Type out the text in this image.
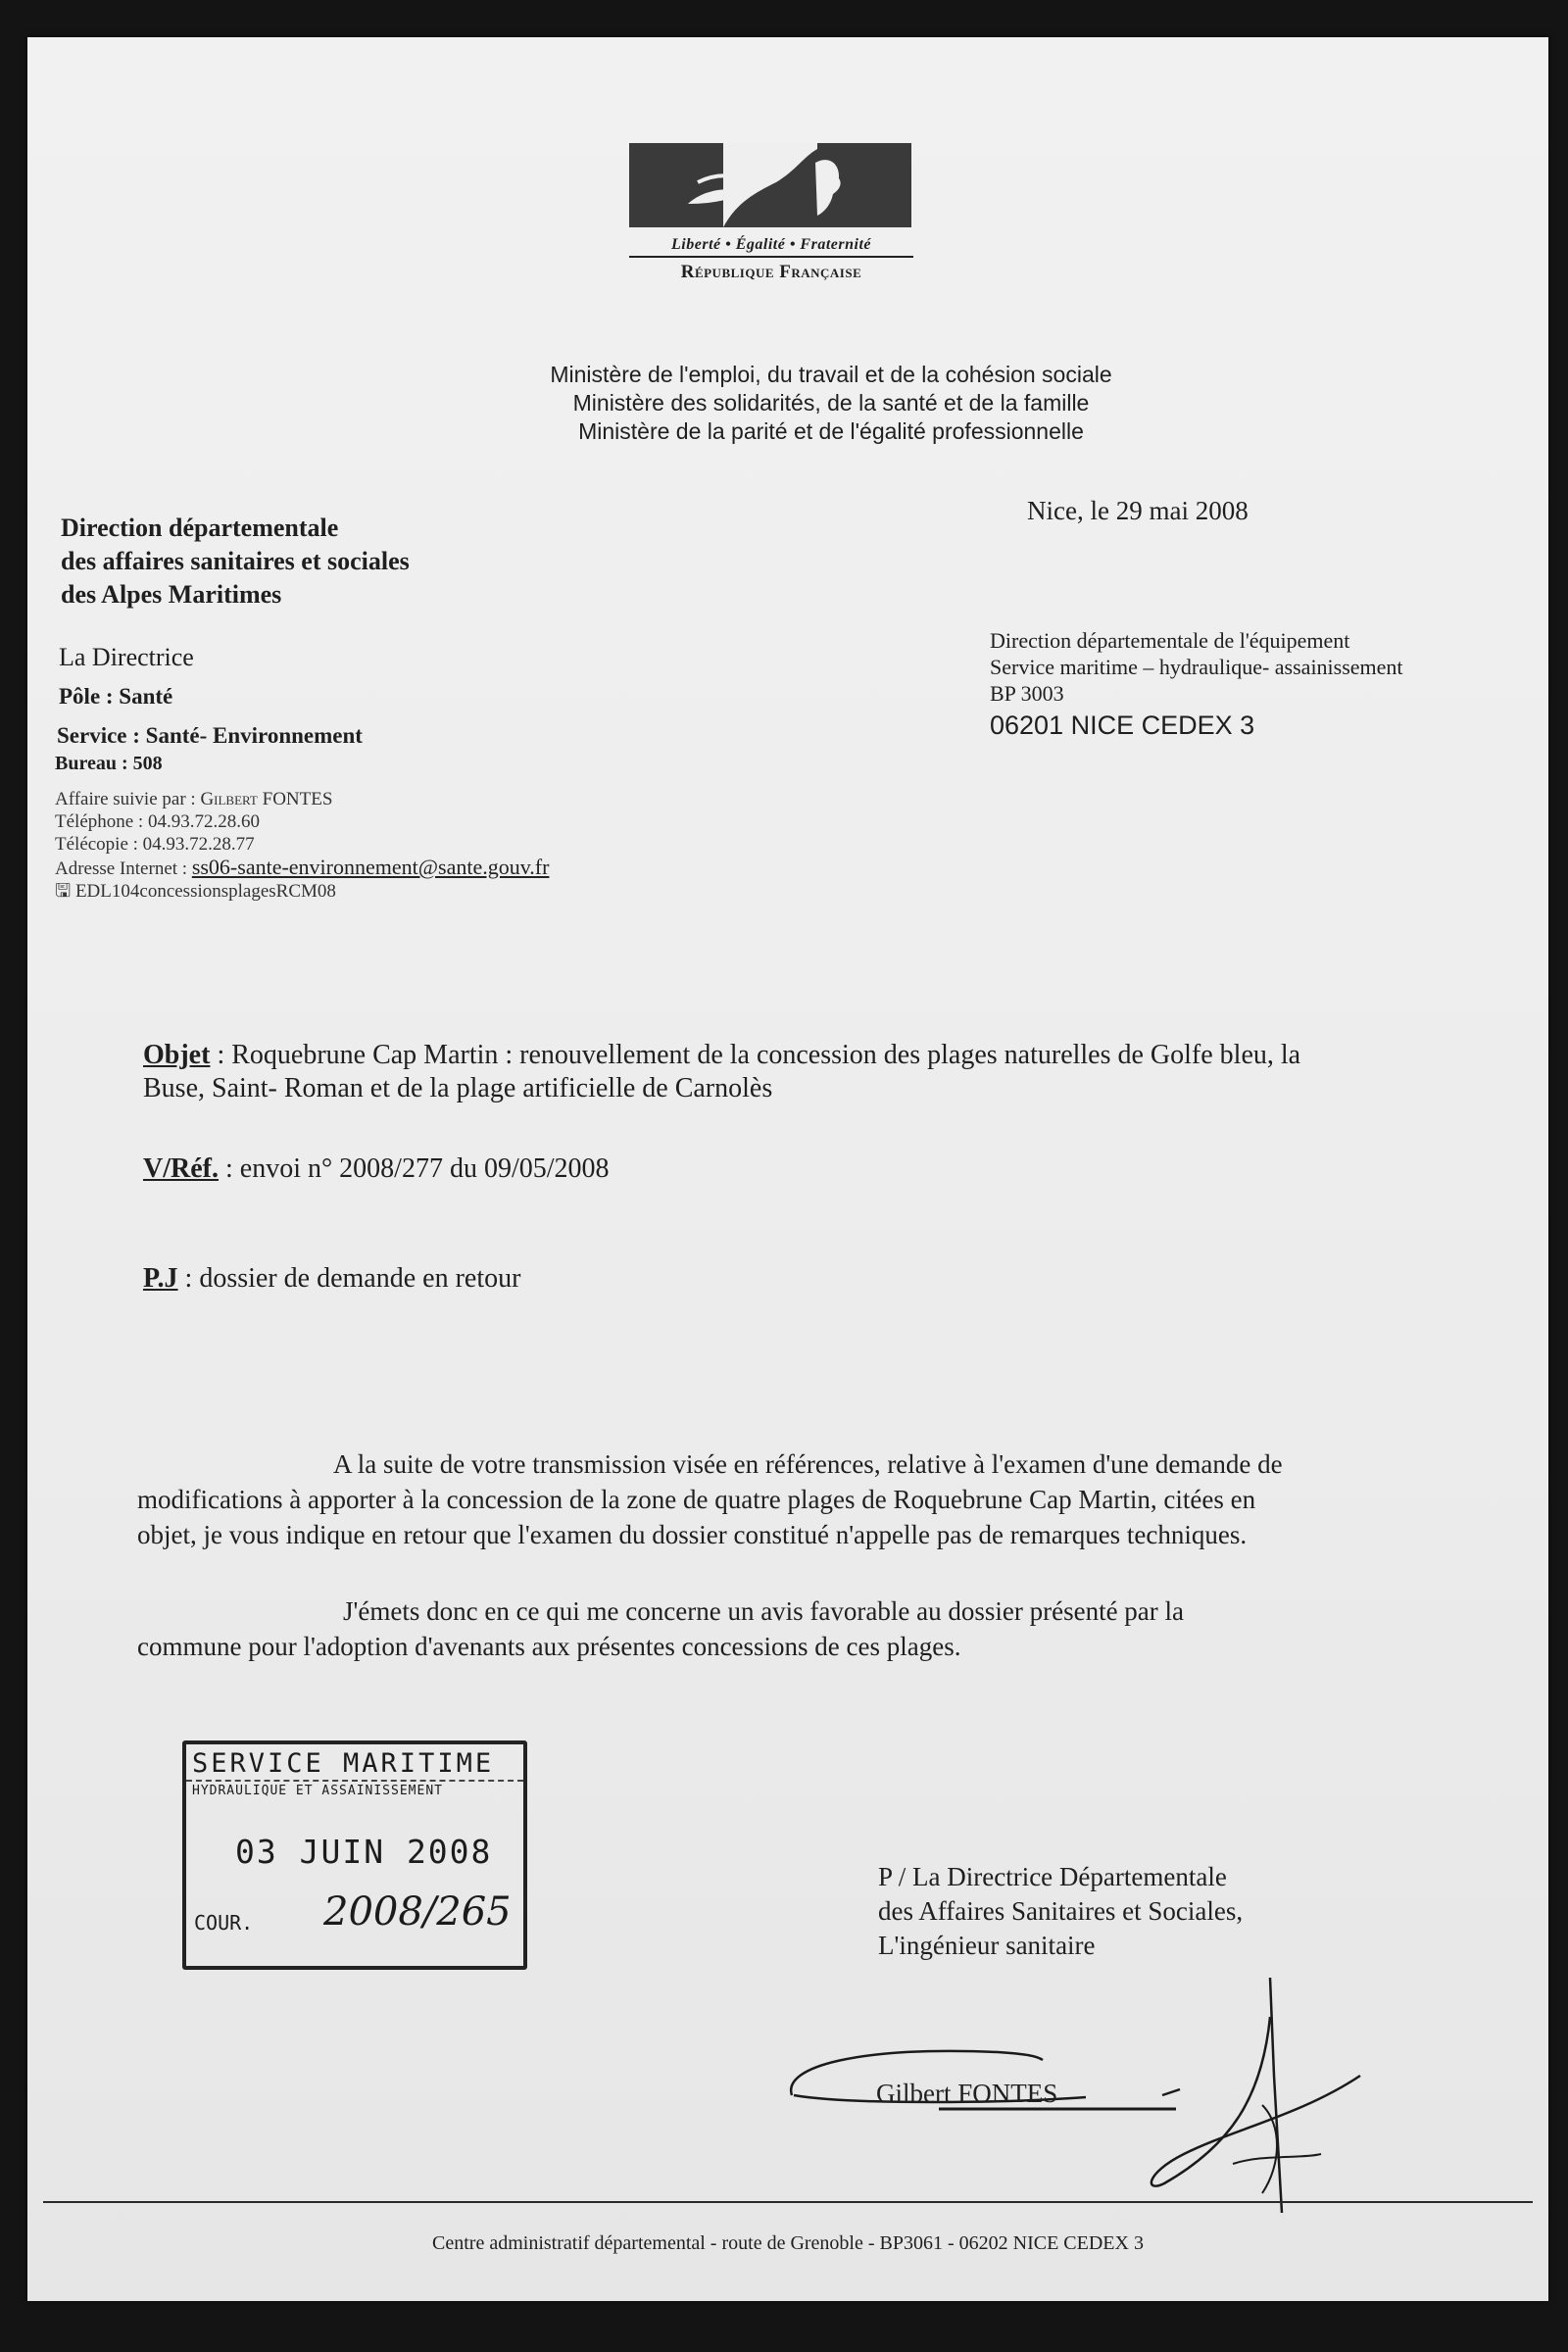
Liberté • Égalité • Fraternité
République Française
Ministère de l'emploi, du travail et de la cohésion sociale
Ministère des solidarités, de la santé et de la famille
Ministère de la parité et de l'égalité professionnelle
Nice, le 29 mai 2008
Direction départementale
des affaires sanitaires et sociales
des Alpes Maritimes
La Directrice
Pôle : Santé
Service : Santé- Environnement
Bureau : 508
Affaire suivie par : Gilbert FONTES
Téléphone : 04.93.72.28.60
Télécopie : 04.93.72.28.77
Adresse Internet : ss06-sante-environnement@sante.gouv.fr
🖫 EDL104concessionsplagesRCM08
Direction départementale de l'équipement
Service maritime – hydraulique- assainissement
BP 3003
06201 NICE CEDEX 3
Objet : Roquebrune Cap Martin : renouvellement de la concession des plages naturelles de Golfe bleu, la
Buse, Saint- Roman et de la plage artificielle de Carnolès
V/Réf. : envoi n° 2008/277 du 09/05/2008
P.J : dossier de demande en retour
A la suite de votre transmission visée en références, relative à l'examen d'une demande de
modifications à apporter à la concession de la zone de quatre plages de Roquebrune Cap Martin, citées en
objet, je vous indique en retour que l'examen du dossier constitué n'appelle pas de remarques techniques.
J'émets donc en ce qui me concerne un avis favorable au dossier présenté par la
commune pour l'adoption d'avenants aux présentes concessions de ces plages.
SERVICE MARITIME
HYDRAULIQUE ET ASSAINISSEMENT
03 JUIN 2008
COUR. 2008/265
P / La Directrice Départementale
des Affaires Sanitaires et Sociales,
L'ingénieur sanitaire
Gilbert FONTES
Centre administratif départemental - route de Grenoble - BP3061 - 06202 NICE CEDEX 3
